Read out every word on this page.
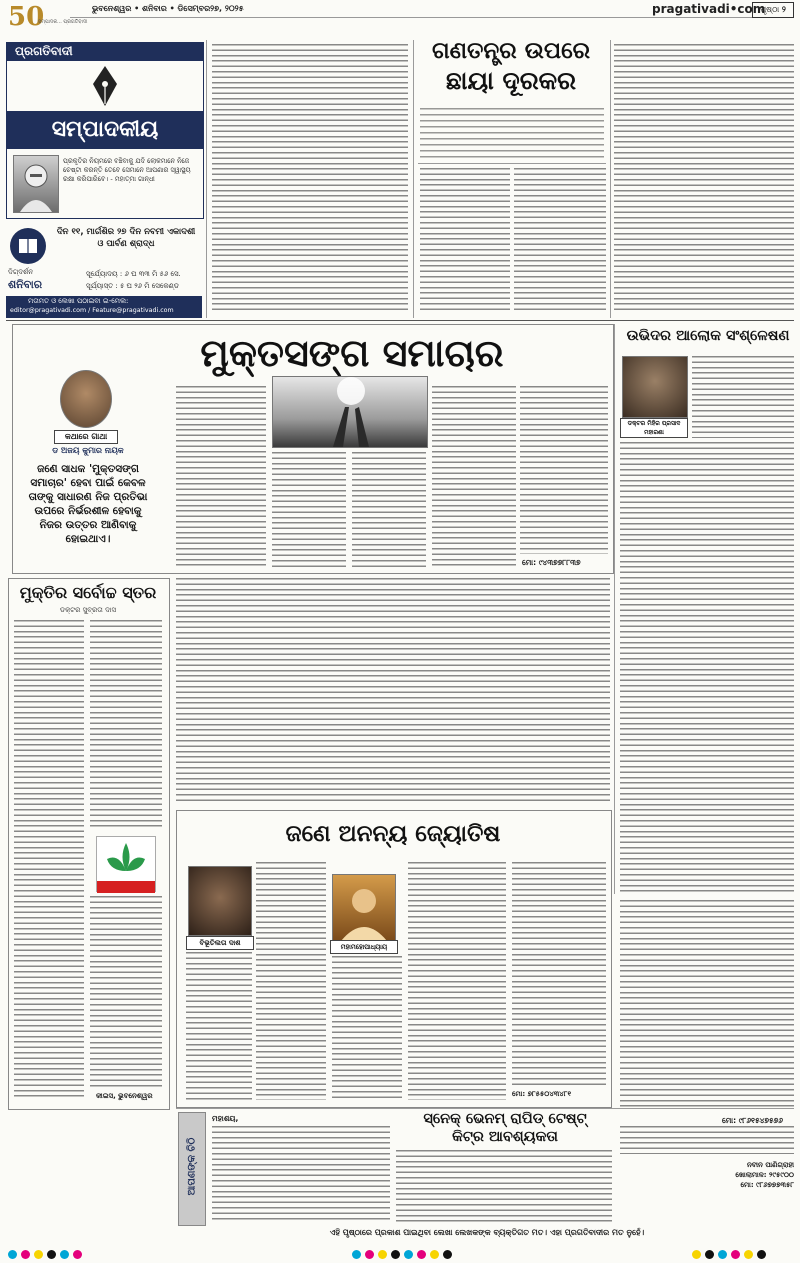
50
ସମ୍ପାଦକ... ପ୍ରଗତିବାଦୀ
ଭୁବନେଶ୍ୱର • ଶନିବାର • ଡିସେମ୍ବର୨୭, ୨୦୨୫	pragativadi•com
ପୃଷ୍ଠା ୨
ପ୍ରଗତିବାଦୀ
ସମ୍ପାଦକୀୟ
ପ୍ରକୃତିର ନିୟମରେ ବଞ୍ଚିବାକୁ ଯଦି ଲୋକମାନେ ନିଜେ ଚେଷ୍ଟା କରନ୍ତି ତେବେ ସେମାନେ ଆପଣାର ସ୍ୱାସ୍ଥ୍ୟ ରକ୍ଷା କରିପାରିବେ। - ମହାତ୍ମା ଗାନ୍ଧୀ
ଦିଗ୍‌ଦର୍ଶନ
ଶନିବାର
ଦିନ ୧୧, ମାର୍ଗଶିର ୨୭ ଦିନ ନବମୀ ଏକାଦଶୀ ଓ ପାର୍ବଣ ଶ୍ରାଦ୍ଧ
ସୂର୍ଯ୍ୟୋଦୟ : ୬ ଘ ୩୩ ମି ୫୬ ସେ.
ସୂର୍ଯ୍ୟାସ୍ତ : ୫ ଘ ୨୬ ମି ସେକେଣ୍ଡ
ମତାମତ ଓ ଲେଖା ପଠାଇବା ଇ-ମେଲ:
editor@pragativadi.com / Feature@pragativadi.com
ଗଣତନ୍ତ୍ର ଉପରେ
ଛାୟା ଦୂରକର
ମୁକ୍ତସଙ୍ଗ ସମାଚାର
କଥାରେ ଗାଥା
ଡ ଅଜୟ କୁମାର ନାୟକ
ଜଣେ ସାଧକ 'ମୁକ୍ତସଙ୍ଗ ସମାଚାର' ହେବା ପାଇଁ କେବଳ ତାଙ୍କୁ ସାଧାରଣ ନିଜ ପ୍ରତିଭା ଉପରେ ନିର୍ଭରଶୀଳ ହେବାକୁ ନିଜର ଉତ୍ତର ଆଣିବାକୁ ହୋଇଥାଏ।
ମୋ: ୯୪୩୭୭୮୮୩୭
ଉଭିଦର ଆଲୋକ ସଂଶ୍ଳେଷଣ
ଡକ୍ଟର ମିହିର ପ୍ରସାଦ ମହାରଣା
ମୋ: ୯୮୬୧୫୪୭୫୭୬
ମୁକ୍ତିର ସର୍ବୋଚ୍ଚ ସ୍ତର
ଡକ୍ଟର ସୁବ୍ରତା ଦାସ
କୀଇସ, ଭୁବନେଶ୍ୱର
ଜଣେ ଅନନ୍ୟ ଜ୍ୟୋତିଷ
ବିଭୂତିଲତା ଦାଶ	ମହାମହୋପାଧ୍ୟାୟ
ମୋ: ୭୮୫୫୦୪୩୪୮୧
ଆପଣଙ୍କ ଚିଠି
ମହାଶୟ,	ସ୍ନେକ୍ ଭେନମ୍ ରାପିଡ୍ ଟେଷ୍ଟ୍
କିଟ୍‌ର ଆବଶ୍ୟକତା
ନବୀନ ପାଣିଗ୍ରାହୀ
ଖୋଲାମାଳ: ୨୯୫୯୦୦
ମୋ: ୯୮୬୭୭୭୩୫୮
ଏହି ପୃଷ୍ଠାରେ ପ୍ରକାଶ ପାଇଥିବା ଲେଖା ଲେଖକଙ୍କ ବ୍ୟକ୍ତିଗତ ମତ। ଏହା ପ୍ରଗତିବାଦୀର ମତ ନୁହେଁ।
